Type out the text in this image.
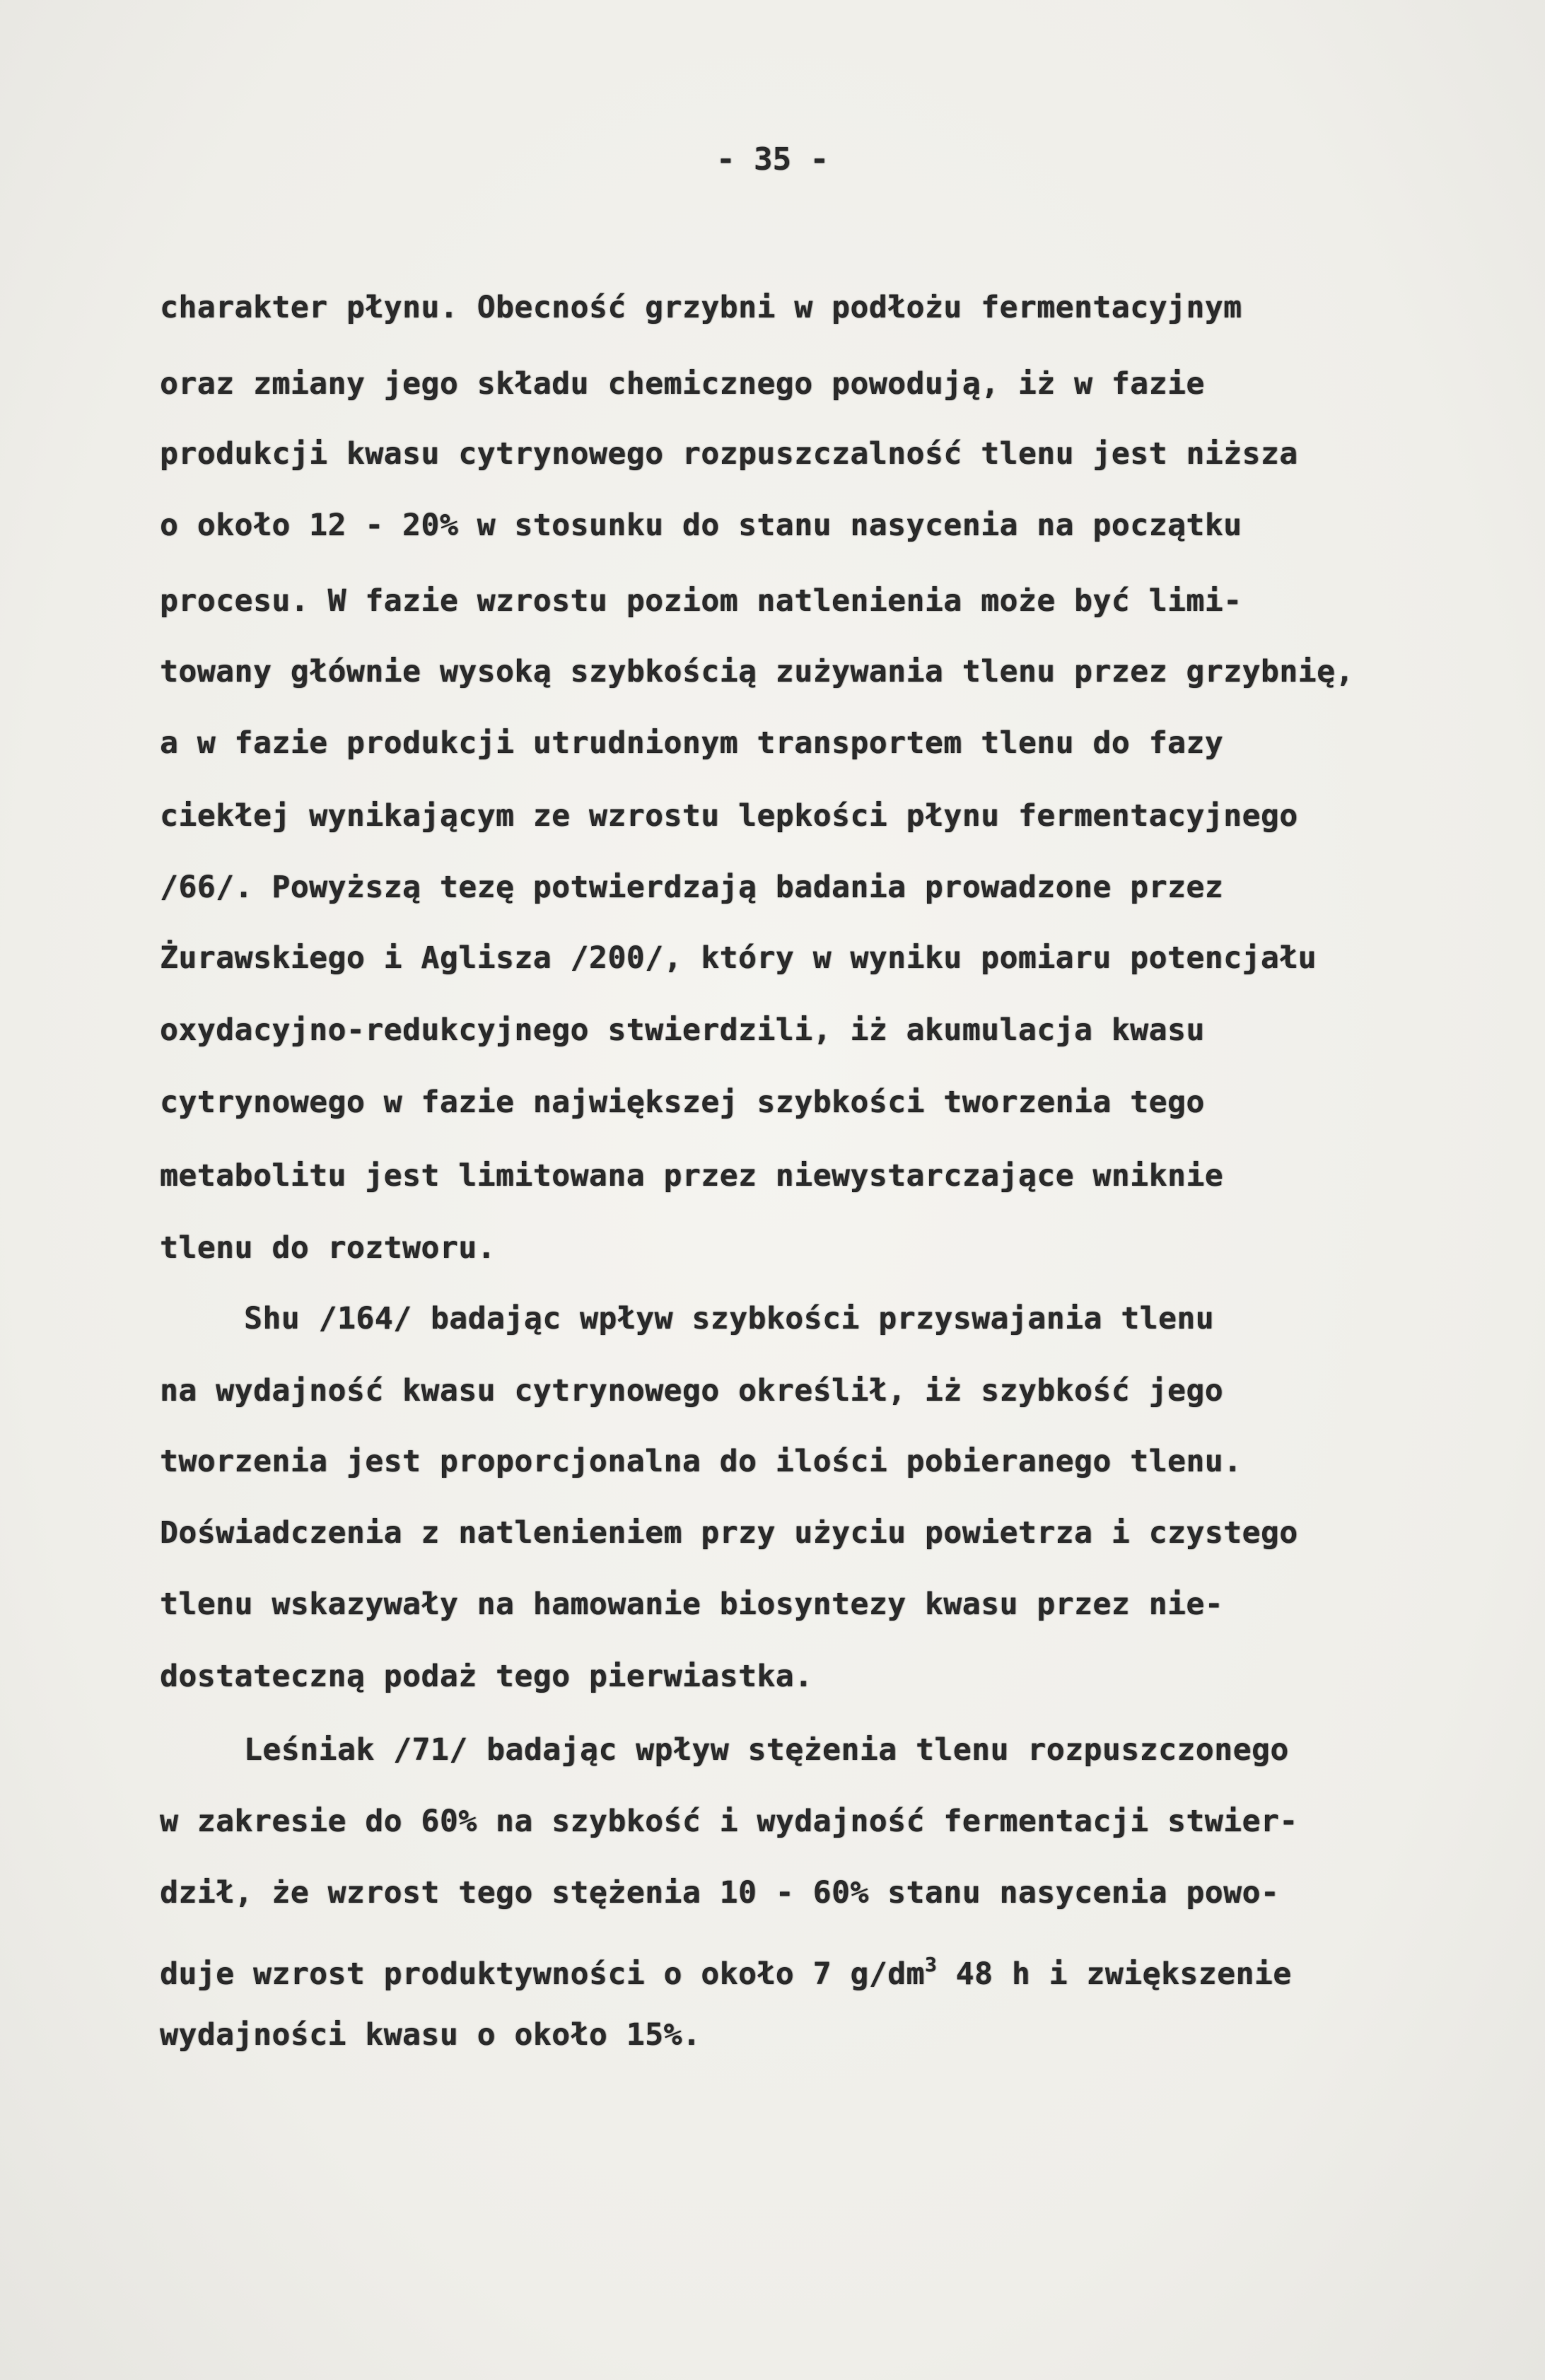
- 35 -
charakter płynu. Obecność grzybni w podłożu fermentacyjnym
oraz zmiany jego składu chemicznego powodują, iż w fazie
produkcji kwasu cytrynowego rozpuszczalność tlenu jest niższa
o około 12 - 20% w stosunku do stanu nasycenia na początku
procesu. W fazie wzrostu poziom natlenienia może być limi-
towany głównie wysoką szybkością zużywania tlenu przez grzybnię,
a w fazie produkcji utrudnionym transportem tlenu do fazy
ciekłej wynikającym ze wzrostu lepkości płynu fermentacyjnego
/66/. Powyższą tezę potwierdzają badania prowadzone przez
Żurawskiego i Aglisza /200/, który w wyniku pomiaru potencjału
oxydacyjno-redukcyjnego stwierdzili, iż akumulacja kwasu
cytrynowego w fazie największej szybkości tworzenia tego
metabolitu jest limitowana przez niewystarczające wniknie
tlenu do roztworu.
Shu /164/ badając wpływ szybkości przyswajania tlenu
na wydajność kwasu cytrynowego określił, iż szybkość jego
tworzenia jest proporcjonalna do ilości pobieranego tlenu.
Doświadczenia z natlenieniem przy użyciu powietrza i czystego
tlenu wskazywały na hamowanie biosyntezy kwasu przez nie-
dostateczną podaż tego pierwiastka.
Leśniak /71/ badając wpływ stężenia tlenu rozpuszczonego
w zakresie do 60% na szybkość i wydajność fermentacji stwier-
dził, że wzrost tego stężenia 10 - 60% stanu nasycenia powo-
duje wzrost produktywności o około 7 $g/dm^3$ 48 h i zwiększenie
wydajności kwasu o około 15%.
